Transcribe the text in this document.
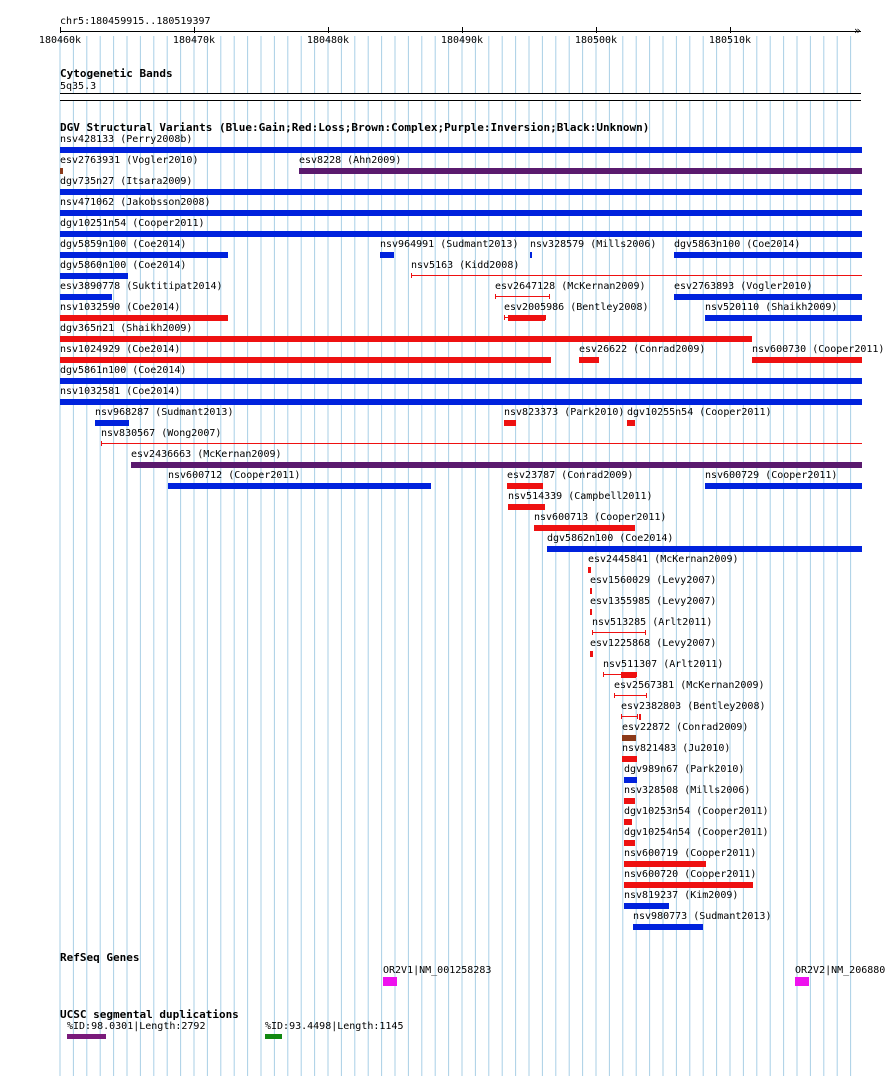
chr5:180459915..180519397
180460k	180470k	180480k	180490k	180500k	180510k
»
Cytogenetic Bands
5q35.3
DGV Structural Variants (Blue:Gain;Red:Loss;Brown:Complex;Purple:Inversion;Black:Unknown)
nsv428133 (Perry2008b)
esv2763931 (Vogler2010)	esv8228 (Ahn2009)
dgv735n27 (Itsara2009)
nsv471062 (Jakobsson2008)
dgv10251n54 (Cooper2011)
dgv5859n100 (Coe2014)	nsv964991 (Sudmant2013) nsv328579 (Mills2006) dgv5863n100 (Coe2014)
dgv5860n100 (Coe2014)	nsv5163 (Kidd2008)
esv3890778 (Suktitipat2014)	esv2647128 (McKernan2009)	esv2763893 (Vogler2010)
nsv1032590 (Coe2014)	esv2005986 (Bentley2008)	nsv520110 (Shaikh2009)
dgv365n21 (Shaikh2009)
nsv1024929 (Coe2014)	esv26622 (Conrad2009)	nsv600730 (Cooper2011)
dgv5861n100 (Coe2014)
nsv1032581 (Coe2014)
nsv968287 (Sudmant2013)	nsv823373 (Park2010) dgv10255n54 (Cooper2011)
nsv830567 (Wong2007)
esv2436663 (McKernan2009)
nsv600712 (Cooper2011)	esv23787 (Conrad2009)	nsv600729 (Cooper2011)
nsv514339 (Campbell2011)
nsv600713 (Cooper2011)
dgv5862n100 (Coe2014)
esv2445841 (McKernan2009)
esv1560029 (Levy2007)
esv1355985 (Levy2007)
nsv513285 (Arlt2011)
esv1225868 (Levy2007)
nsv511307 (Arlt2011)
esv2567381 (McKernan2009)
esv2382803 (Bentley2008)
esv22872 (Conrad2009)
nsv821483 (Ju2010)
dgv989n67 (Park2010)
nsv328508 (Mills2006)
dgv10253n54 (Cooper2011)
dgv10254n54 (Cooper2011)
nsv600719 (Cooper2011)
nsv600720 (Cooper2011)
nsv819237 (Kim2009)
nsv980773 (Sudmant2013)
RefSeq Genes
OR2V1|NM_001258283	OR2V2|NM_206880
UCSC segmental duplications
%ID:98.0301|Length:2792	%ID:93.4498|Length:1145
